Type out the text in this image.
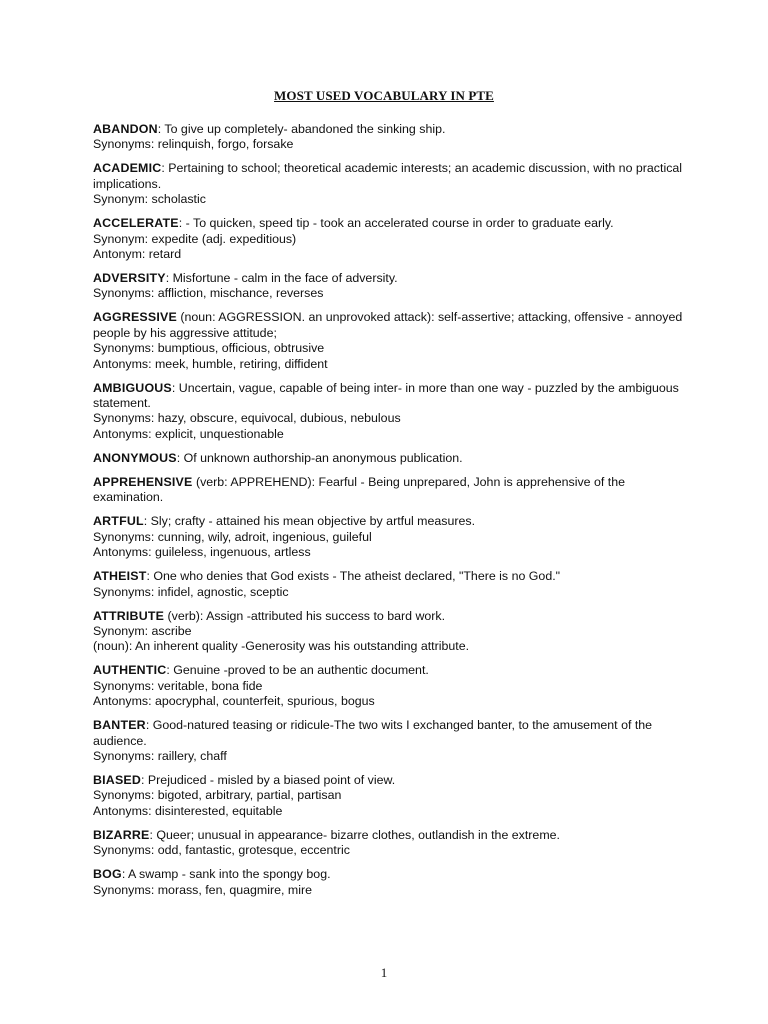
MOST USED VOCABULARY IN PTE
ABANDON: To give up completely- abandoned the sinking ship.
Synonyms: relinquish, forgo, forsake
ACADEMIC: Pertaining to school; theoretical academic interests; an academic discussion, with no practical implications.
Synonym: scholastic
ACCELERATE: - To quicken, speed tip - took an accelerated course in order to graduate early.
Synonym: expedite (adj. expeditious)
Antonym: retard
ADVERSITY: Misfortune - calm in the face of adversity.
Synonyms: affliction, mischance, reverses
AGGRESSIVE (noun: AGGRESSION. an unprovoked attack): self-assertive; attacking, offensive - annoyed people by his aggressive attitude;
Synonyms: bumptious, officious, obtrusive
Antonyms: meek, humble, retiring, diffident
AMBIGUOUS: Uncertain, vague, capable of being inter- in more than one way - puzzled by the ambiguous statement.
Synonyms: hazy, obscure, equivocal, dubious, nebulous
Antonyms: explicit, unquestionable
ANONYMOUS: Of unknown authorship-an anonymous publication.
APPREHENSIVE (verb: APPREHEND): Fearful - Being unprepared, John is apprehensive of the examination.
ARTFUL: Sly; crafty - attained his mean objective by artful measures.
Synonyms: cunning, wily, adroit, ingenious, guileful
Antonyms: guileless, ingenuous, artless
ATHEIST: One who denies that God exists - The atheist declared, "There is no God."
Synonyms: infidel, agnostic, sceptic
ATTRIBUTE (verb): Assign -attributed his success to bard work.
Synonym: ascribe
(noun): An inherent quality -Generosity was his outstanding attribute.
AUTHENTIC: Genuine -proved to be an authentic document.
Synonyms: veritable, bona fide
Antonyms: apocryphal, counterfeit, spurious, bogus
BANTER: Good-natured teasing or ridicule-The two wits I exchanged banter, to the amusement of the audience.
Synonyms: raillery, chaff
BIASED: Prejudiced - misled by a biased point of view.
Synonyms: bigoted, arbitrary, partial, partisan
Antonyms: disinterested, equitable
BIZARRE: Queer; unusual in appearance- bizarre clothes, outlandish in the extreme.
Synonyms: odd, fantastic, grotesque, eccentric
BOG: A swamp - sank into the spongy bog.
Synonyms: morass, fen, quagmire, mire
1
